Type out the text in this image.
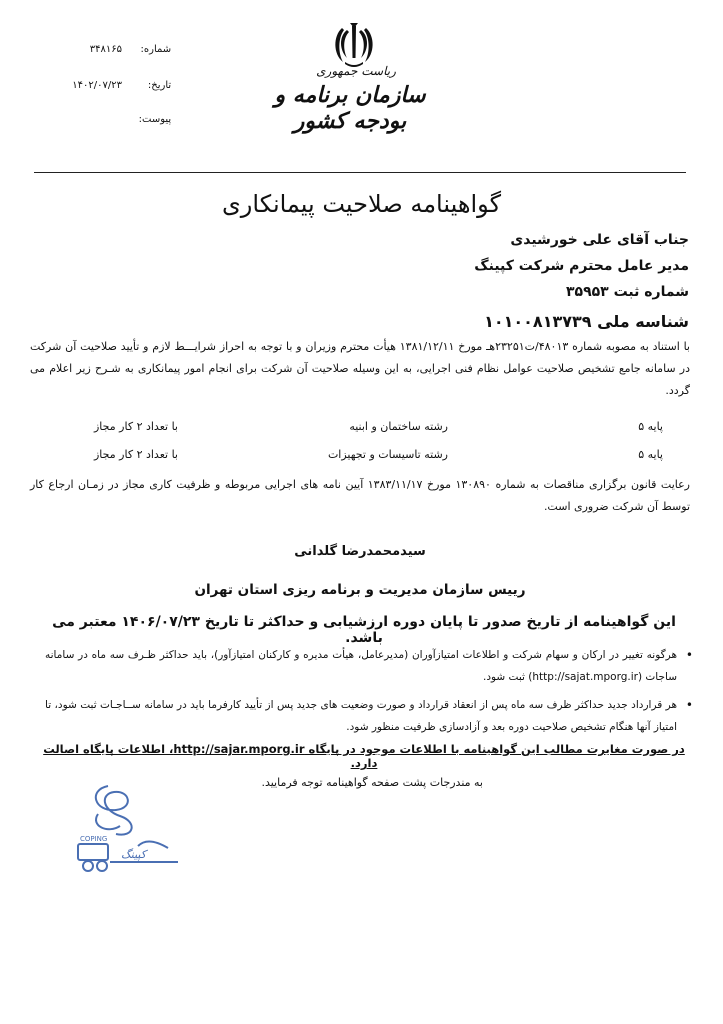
شماره: ۳۴۸۱۶۵
تاریخ: ۱۴۰۲/۰۷/۲۳
پیوست:
ریاست جمهوری
سازمان برنامه و بودجه کشور
گواهینامه صلاحیت پیمانکاری
جناب آقای علی خورشیدی
مدیر عامل محترم شرکت کپینگ
شماره ثبت ۳۵۹۵۳
شناسه ملی ۱۰۱۰۰۸۱۳۷۳۹
با استناد به مصوبه شماره ۴۸۰۱۳/ت۲۳۲۵۱هـ مورخ ۱۳۸۱/۱۲/۱۱ هیأت محترم وزیران و با توجه به احراز شرایـــط لازم و تأیید صلاحیت آن شرکت در سامانه جامع تشخیص صلاحیت عوامل نظام فنی اجرایی، به این وسیله صلاحیت آن شرکت برای انجام امور پیمانکاری به شـرح زیر اعلام می گردد.
پایه ۵
رشته ساختمان و ابنیه
با تعداد ۲ کار مجاز
پایه ۵
رشته تاسیسات و تجهیزات
با تعداد ۲ کار مجاز
رعایت قانون برگزاری مناقصات به شماره ۱۳۰۸۹۰ مورخ ۱۳۸۳/۱۱/۱۷ آیین نامه های اجرایی مربوطه و ظرفیت کاری مجاز در زمـان ارجاع کار توسط آن شرکت ضروری است.
سیدمحمدرضا گلدانی
رییس سازمان مدیریت و برنامه ریزی استان تهران
این گواهینامه از تاریخ صدور تا پایان دوره ارزشیابی و حداکثر تا تاریخ ۱۴۰۶/۰۷/۲۳ معتبر می باشد.
•
هرگونه تغییر در ارکان و سهام شرکت و اطلاعات امتیازآوران (مدیرعامل، هیأت مدیره و کارکنان امتیازآور)، باید حداکثر ظـرف سه ماه در سامانه ساجات (http://sajat.mporg.ir) ثبت شود.
•
هر قرارداد جدید حداکثر ظرف سه ماه پس از انعقاد قرارداد و صورت وضعیت های جدید پس از تأیید کارفرما باید در سامانه ســاجـات ثبت شود، تا امتیاز آنها هنگام تشخیص صلاحیت دوره بعد و آزادسازی ظرفیت منظور شود.
در صورت مغایرت مطالب این گواهینامه با اطلاعات موجود در پایگاه http://sajar.mporg.ir، اطلاعات پایگاه اصالت دارد.
به مندرجات پشت صفحه گواهینامه توجه فرمایید.
COPING
کپینگ
